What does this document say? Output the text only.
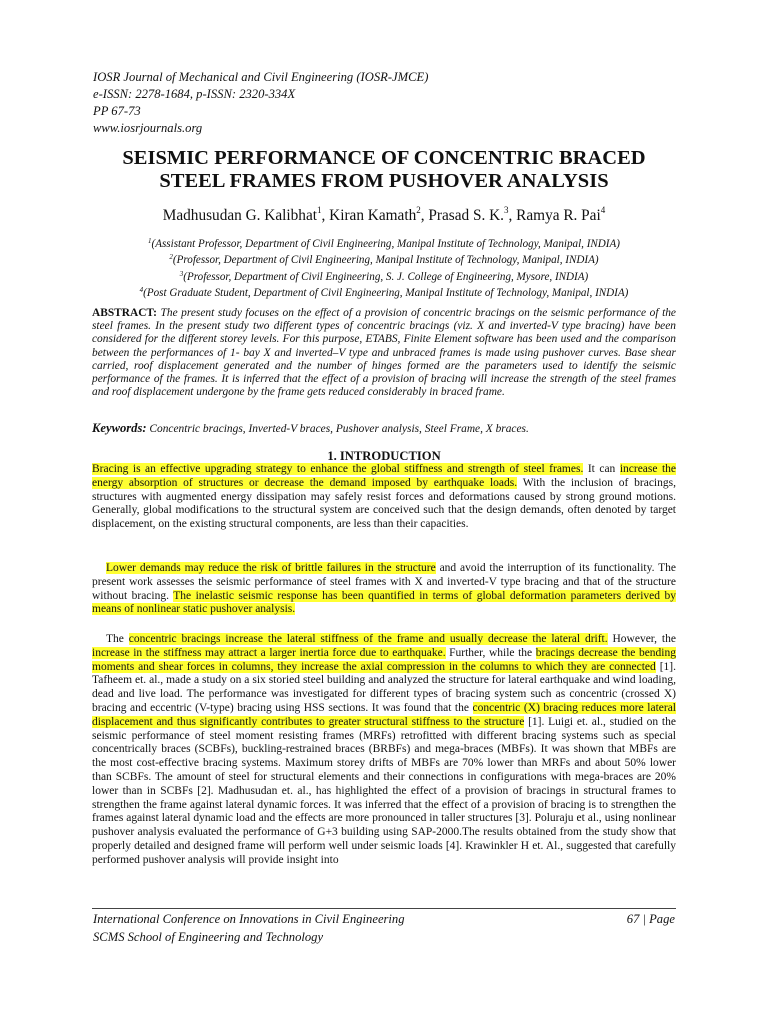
IOSR Journal of Mechanical and Civil Engineering (IOSR-JMCE)
e-ISSN: 2278-1684, p-ISSN: 2320-334X
PP 67-73
www.iosrjournals.org
SEISMIC PERFORMANCE OF CONCENTRIC BRACED
STEEL FRAMES FROM PUSHOVER ANALYSIS
Madhusudan G. Kalibhat$^1$, Kiran Kamath$^2$, Prasad S. K.$^3$, Ramya R. Pai$^4$
$^1$(Assistant Professor, Department of Civil Engineering, Manipal Institute of Technology, Manipal, INDIA)
$^2$(Professor, Department of Civil Engineering, Manipal Institute of Technology, Manipal, INDIA)
$^3$(Professor, Department of Civil Engineering, S. J. College of Engineering, Mysore, INDIA)
$^4$(Post Graduate Student, Department of Civil Engineering, Manipal Institute of Technology, Manipal, INDIA)
ABSTRACT: The present study focuses on the effect of a provision of concentric bracings on the seismic performance of the steel frames. In the present study two different types of concentric bracings (viz. X and inverted-V type bracing) have been considered for the different storey levels. For this purpose, ETABS, Finite Element software has been used and the comparison between the performances of 1- bay X and inverted–V type and unbraced frames is made using pushover curves. Base shear carried, roof displacement generated and the number of hinges formed are the parameters used to identify the seismic performance of the frames. It is inferred that the effect of a provision of bracing will increase the strength of the steel frames and roof displacement undergone by the frame gets reduced considerably in braced frame.
Keywords: Concentric bracings, Inverted-V braces, Pushover analysis, Steel Frame, X braces.
1. INTRODUCTION
Bracing is an effective upgrading strategy to enhance the global stiffness and strength of steel frames. It can increase the energy absorption of structures or decrease the demand imposed by earthquake loads. With the inclusion of bracings, structures with augmented energy dissipation may safely resist forces and deformations caused by strong ground motions. Generally, global modifications to the structural system are conceived such that the design demands, often denoted by target displacement, on the existing structural components, are less than their capacities.
Lower demands may reduce the risk of brittle failures in the structure and avoid the interruption of its functionality. The present work assesses the seismic performance of steel frames with X and inverted-V type bracing and that of the structure without bracing. The inelastic seismic response has been quantified in terms of global deformation parameters derived by means of nonlinear static pushover analysis.
The concentric bracings increase the lateral stiffness of the frame and usually decrease the lateral drift. However, the increase in the stiffness may attract a larger inertia force due to earthquake. Further, while the bracings decrease the bending moments and shear forces in columns, they increase the axial compression in the columns to which they are connected [1]. Tafheem et. al., made a study on a six storied steel building and analyzed the structure for lateral earthquake and wind loading, dead and live load. The performance was investigated for different types of bracing system such as concentric (crossed X) bracing and eccentric (V-type) bracing using HSS sections. It was found that the concentric (X) bracing reduces more lateral displacement and thus significantly contributes to greater structural stiffness to the structure [1]. Luigi et. al., studied on the seismic performance of steel moment resisting frames (MRFs) retrofitted with different bracing systems such as special concentrically braces (SCBFs), buckling-restrained braces (BRBFs) and mega-braces (MBFs). It was shown that MBFs are the most cost-effective bracing systems. Maximum storey drifts of MBFs are 70% lower than MRFs and about 50% lower than SCBFs. The amount of steel for structural elements and their connections in configurations with mega-braces are 20% lower than in SCBFs [2]. Madhusudan et. al., has highlighted the effect of a provision of bracings in structural frames to strengthen the frame against lateral dynamic forces. It was inferred that the effect of a provision of bracing is to strengthen the frames against lateral dynamic load and the effects are more pronounced in taller structures [3]. Poluraju et al., using nonlinear pushover analysis evaluated the performance of G+3 building using SAP-2000.The results obtained from the study show that properly detailed and designed frame will perform well under seismic loads [4]. Krawinkler H et. Al., suggested that carefully performed pushover analysis will provide insight into
International Conference on Innovations in Civil Engineering
SCMS School of Engineering and Technology
67 | Page
